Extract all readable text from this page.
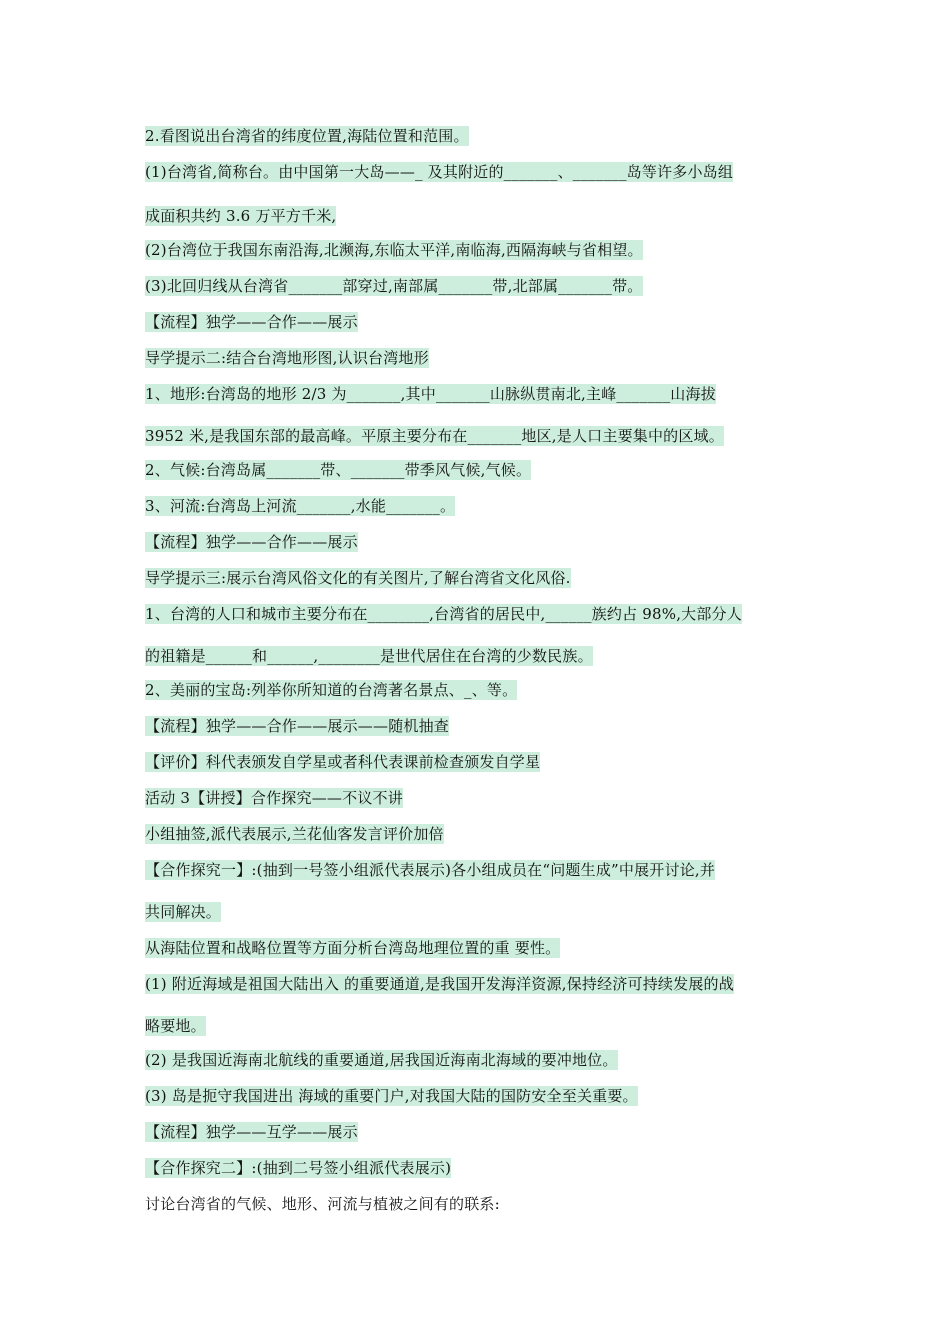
2.看图说出台湾省的纬度位置,海陆位置和范围。
(1)台湾省,简称台。由中国第一大岛——_ 及其附近的_______、_______岛等许多小岛组
成面积共约 3.6 万平方千米,
(2)台湾位于我国东南沿海,北濒海,东临太平洋,南临海,西隔海峡与省相望。
(3)北回归线从台湾省_______部穿过,南部属_______带,北部属_______带。
【流程】独学——合作——展示
导学提示二:结合台湾地形图,认识台湾地形
1、地形:台湾岛的地形 2/3 为_______,其中_______山脉纵贯南北,主峰_______山海拔
3952 米,是我国东部的最高峰。平原主要分布在_______地区,是人口主要集中的区域。
2、气候:台湾岛属_______带、_______带季风气候,气候。
3、河流:台湾岛上河流_______,水能_______。
【流程】独学——合作——展示
导学提示三:展示台湾风俗文化的有关图片,了解台湾省文化风俗.
1、台湾的人口和城市主要分布在________,台湾省的居民中,______族约占 98%,大部分人
的祖籍是______和______,________是世代居住在台湾的少数民族。
2、美丽的宝岛:列举你所知道的台湾著名景点、_、等。
【流程】独学——合作——展示——随机抽查
【评价】科代表颁发自学星或者科代表课前检查颁发自学星
活动 3【讲授】合作探究——不议不讲
小组抽签,派代表展示,兰花仙客发言评价加倍
【合作探究一】:(抽到一号签小组派代表展示)各小组成员在“问题生成”中展开讨论,并
共同解决。
从海陆位置和战略位置等方面分析台湾岛地理位置的重 要性。
(1) 附近海域是祖国大陆出入 的重要通道,是我国开发海洋资源,保持经济可持续发展的战
略要地。
(2) 是我国近海南北航线的重要通道,居我国近海南北海域的要冲地位。
(3) 岛是扼守我国进出 海域的重要门户,对我国大陆的国防安全至关重要。
【流程】独学——互学——展示
【合作探究二】:(抽到二号签小组派代表展示)
讨论台湾省的气候、地形、河流与植被之间有的联系:
